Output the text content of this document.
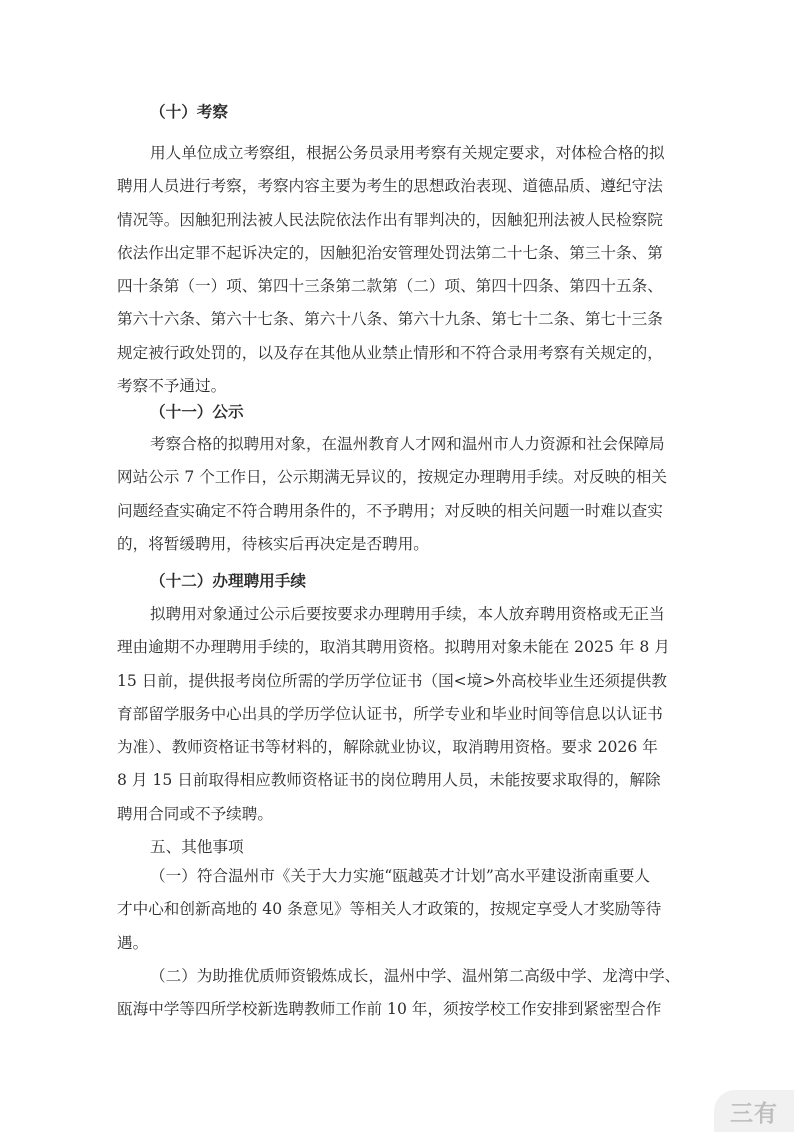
（十）考察
用人单位成立考察组，根据公务员录用考察有关规定要求，对体检合格的拟
聘用人员进行考察，考察内容主要为考生的思想政治表现、道德品质、遵纪守法
情况等。因触犯刑法被人民法院依法作出有罪判决的，因触犯刑法被人民检察院
依法作出定罪不起诉决定的，因触犯治安管理处罚法第二十七条、第三十条、第
四十条第（一）项、第四十三条第二款第（二）项、第四十四条、第四十五条、
第六十六条、第六十七条、第六十八条、第六十九条、第七十二条、第七十三条
规定被行政处罚的，以及存在其他从业禁止情形和不符合录用考察有关规定的，
考察不予通过。
（十一）公示
考察合格的拟聘用对象，在温州教育人才网和温州市人力资源和社会保障局
网站公示 7 个工作日，公示期满无异议的，按规定办理聘用手续。对反映的相关
问题经查实确定不符合聘用条件的，不予聘用；对反映的相关问题一时难以查实
的，将暂缓聘用，待核实后再决定是否聘用。
（十二）办理聘用手续
拟聘用对象通过公示后要按要求办理聘用手续，本人放弃聘用资格或无正当
理由逾期不办理聘用手续的，取消其聘用资格。拟聘用对象未能在 2025 年 8 月
15 日前，提供报考岗位所需的学历学位证书（国<境>外高校毕业生还须提供教
育部留学服务中心出具的学历学位认证书，所学专业和毕业时间等信息以认证书
为准）、教师资格证书等材料的，解除就业协议，取消聘用资格。要求 2026 年
8 月 15 日前取得相应教师资格证书的岗位聘用人员，未能按要求取得的，解除
聘用合同或不予续聘。
五、其他事项
（一）符合温州市《关于大力实施“瓯越英才计划”高水平建设浙南重要人
才中心和创新高地的 40 条意见》等相关人才政策的，按规定享受人才奖励等待
遇。
（二）为助推优质师资锻炼成长，温州中学、温州第二高级中学、龙湾中学、
瓯海中学等四所学校新选聘教师工作前 10 年，须按学校工作安排到紧密型合作
三有
